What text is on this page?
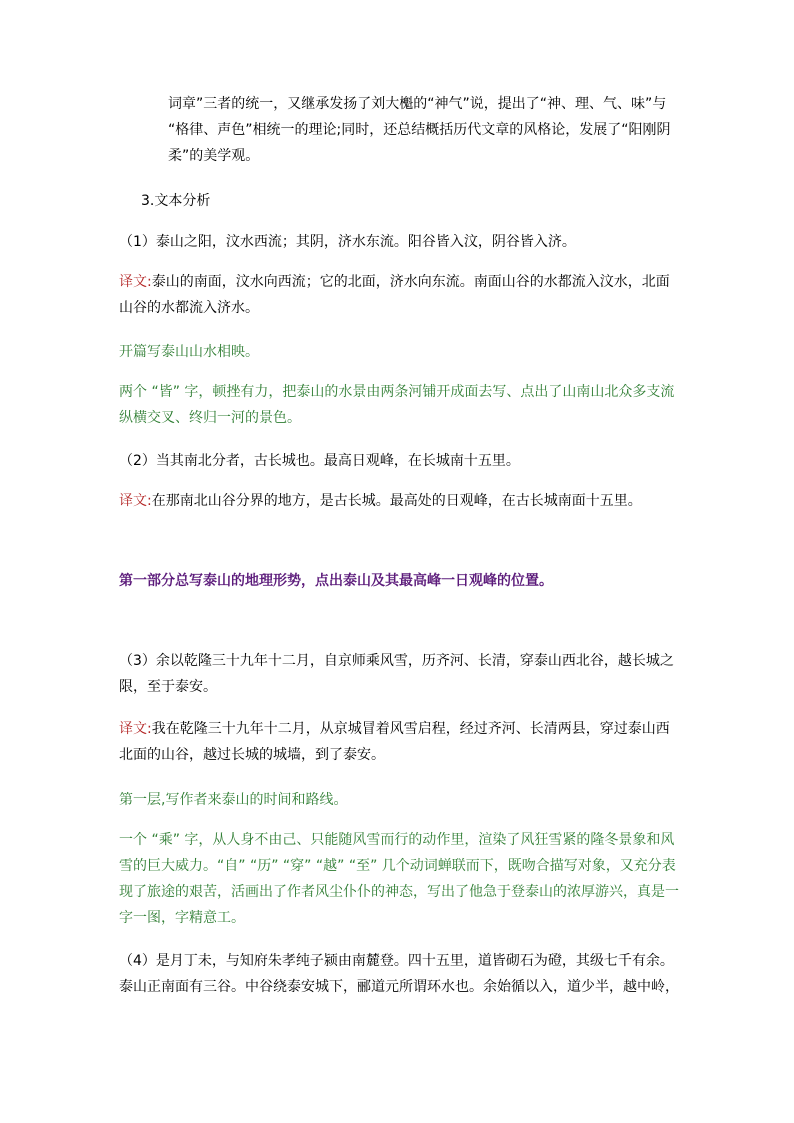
词章”三者的统一，又继承发扬了刘大櫆的“神气”说，提出了“神、理、气、味”与 “格律、声色”相统一的理论;同时，还总结概括历代文章的风格论，发展了“阳刚阴柔”的美学观。

3.文本分析

（1）泰山之阳，汶水西流；其阴，济水东流。阳谷皆入汶，阴谷皆入济。

译文:泰山的南面，汶水向西流；它的北面，济水向东流。南面山谷的水都流入汶水，北面山谷的水都流入济水。

开篇写泰山山水相映。

两个 “皆” 字，顿挫有力，把泰山的水景由两条河铺开成面去写、点出了山南山北众多支流纵横交叉、终归一河的景色。

（2）当其南北分者，古长城也。最高日观峰，在长城南十五里。

译文:在那南北山谷分界的地方，是古长城。最高处的日观峰，在古长城南面十五里。

第一部分总写泰山的地理形势，点出泰山及其最高峰一日观峰的位置。

（3）余以乾隆三十九年十二月，自京师乘风雪，历齐河、长清，穿泰山西北谷，越长城之限，至于泰安。

译文:我在乾隆三十九年十二月，从京城冒着风雪启程，经过齐河、长清两县，穿过泰山西北面的山谷，越过长城的城墙，到了泰安。

第一层,写作者来泰山的时间和路线。

一个 “乘” 字，从人身不由己、只能随风雪而行的动作里，渲染了风狂雪紧的隆冬景象和风雪的巨大威力。“自” “历” “穿” “越” “至” 几个动词蝉联而下，既吻合描写对象，又充分表现了旅途的艰苦，活画出了作者风尘仆仆的神态，写出了他急于登泰山的浓厚游兴，真是一字一图，字精意工。

（4）是月丁未，与知府朱孝纯子颍由南麓登。四十五里，道皆砌石为磴，其级七千有余。泰山正南面有三谷。中谷绕泰安城下，郦道元所谓环水也。余始循以入，道少半，越中岭，
